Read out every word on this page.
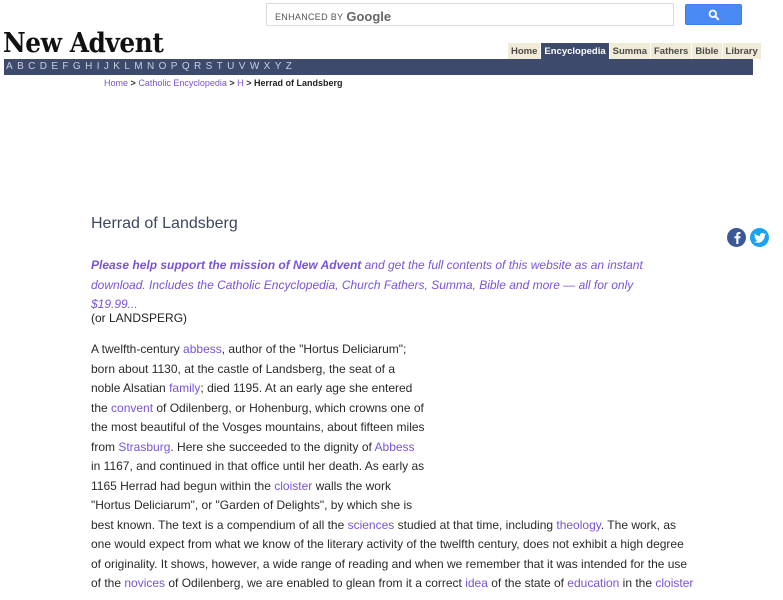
ENHANCED BY Google
New Advent	Home Encyclopedia Summa Fathers Bible Library
A B C D E F G H I J K L M N O P Q R S T U V W X Y Z
Home > Catholic Encyclopedia > H > Herrad of Landsberg
Herrad of Landsberg
Please help support the mission of New Advent and get the full contents of this website as an instant
download. Includes the Catholic Encyclopedia, Church Fathers, Summa, Bible and more — all for only $19.99...

(or LANDSPERG)

A twelfth-century abbess, author of the "Hortus Deliciarum";
born about 1130, at the castle of Landsberg, the seat of a
noble Alsatian family; died 1195. At an early age she entered
the convent of Odilenberg, or Hohenburg, which crowns one of
the most beautiful of the Vosges mountains, about fifteen miles
from Strasburg. Here she succeeded to the dignity of Abbess
in 1167, and continued in that office until her death. As early as
1165 Herrad had begun within the cloister walls the work
"Hortus Deliciarum", or "Garden of Delights", by which she is
best known. The text is a compendium of all the sciences studied at that time, including theology. The work, as
one would expect from what we know of the literary activity of the twelfth century, does not exhibit a high degree
of originality. It shows, however, a wide range of reading and when we remember that it was intended for the use
of the novices of Odilenberg, we are enabled to glean from it a correct idea of the state of education in the cloister
